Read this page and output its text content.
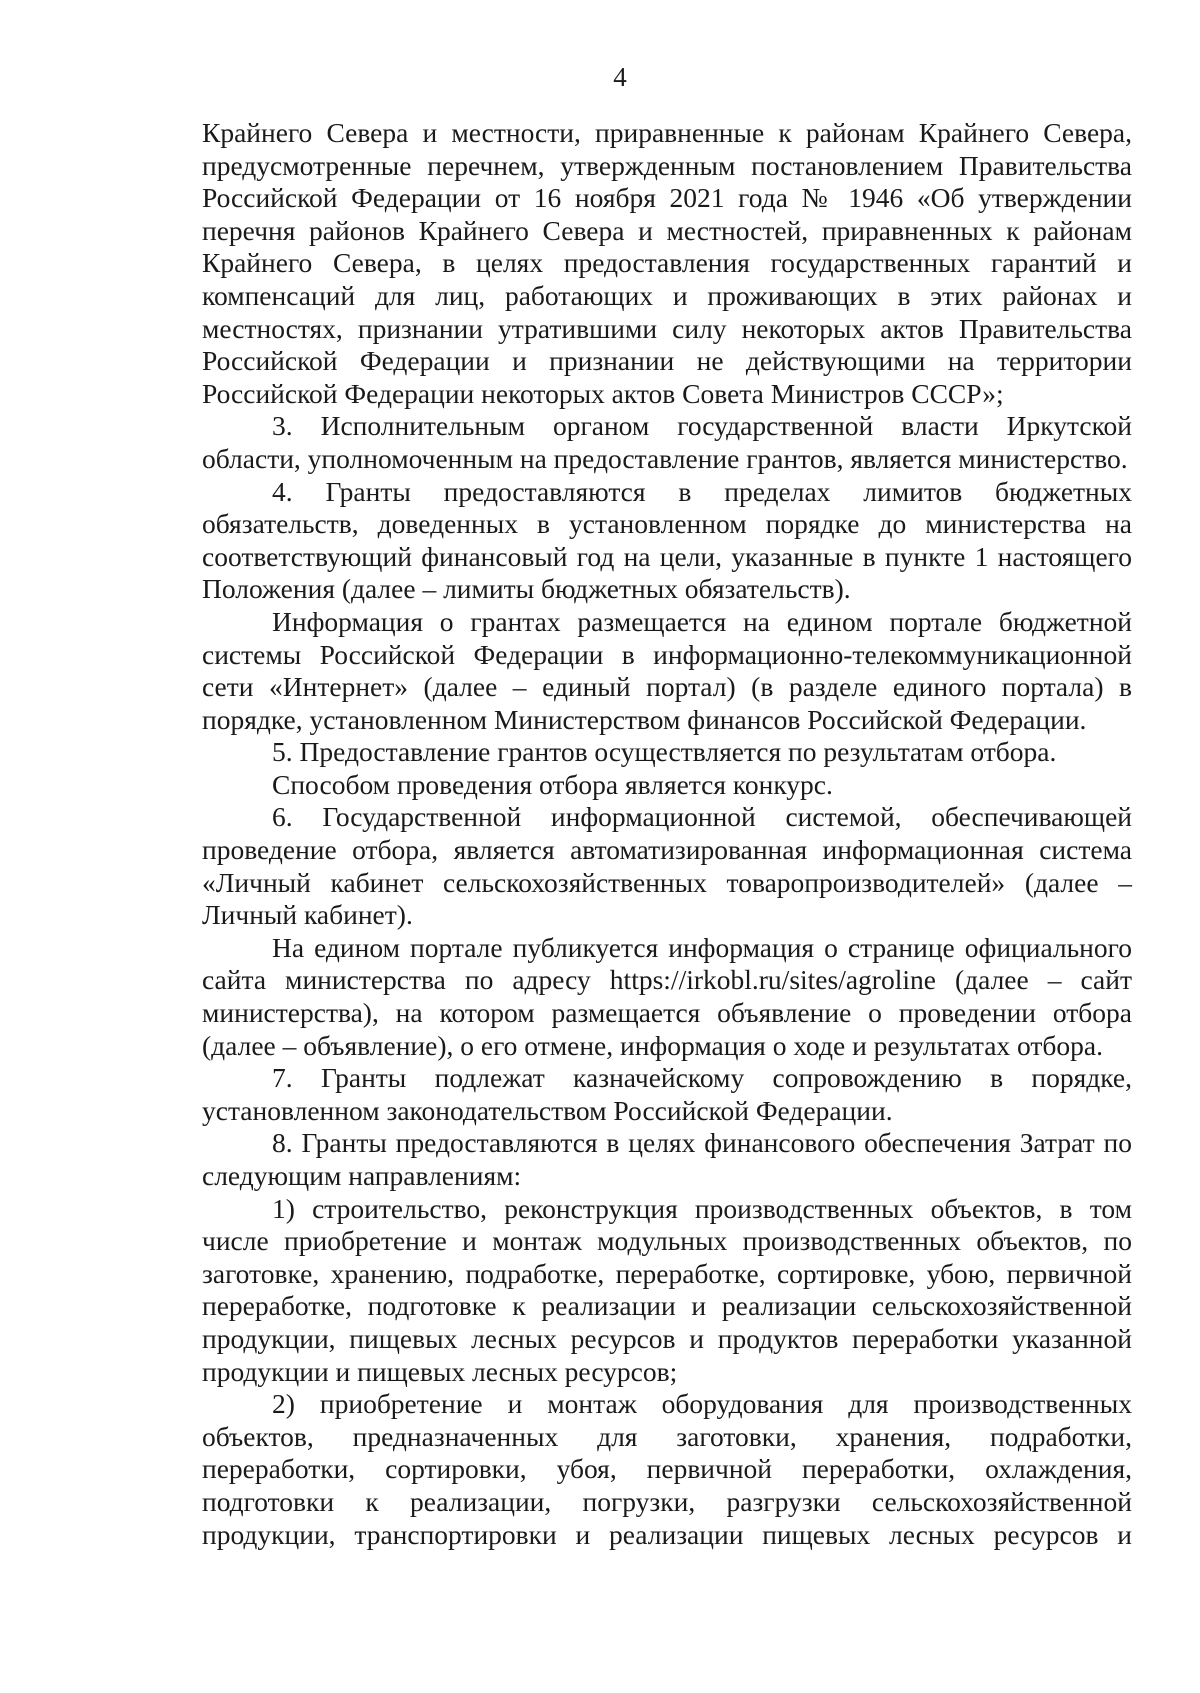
4

Крайнего Севера и местности, приравненные к районам Крайнего Севера, предусмотренные перечнем, утвержденным постановлением Правительства Российской Федерации от 16 ноября 2021 года № 1946 «Об утверждении перечня районов Крайнего Севера и местностей, приравненных к районам Крайнего Севера, в целях предоставления государственных гарантий и компенсаций для лиц, работающих и проживающих в этих районах и местностях, признании утратившими силу некоторых актов Правительства Российской Федерации и признании не действующими на территории Российской Федерации некоторых актов Совета Министров СССР»;

3. Исполнительным органом государственной власти Иркутской области, уполномоченным на предоставление грантов, является министерство.

4. Гранты предоставляются в пределах лимитов бюджетных обязательств, доведенных в установленном порядке до министерства на соответствующий финансовый год на цели, указанные в пункте 1 настоящего Положения (далее – лимиты бюджетных обязательств).

Информация о грантах размещается на едином портале бюджетной системы Российской Федерации в информационно-телекоммуникационной сети «Интернет» (далее – единый портал) (в разделе единого портала) в порядке, установленном Министерством финансов Российской Федерации.

5. Предоставление грантов осуществляется по результатам отбора.

Способом проведения отбора является конкурс.

6. Государственной информационной системой, обеспечивающей проведение отбора, является автоматизированная информационная система «Личный кабинет сельскохозяйственных товаропроизводителей» (далее – Личный кабинет).

На едином портале публикуется информация о странице официального сайта министерства по адресу https://irkobl.ru/sites/agroline (далее – сайт министерства), на котором размещается объявление о проведении отбора (далее – объявление), о его отмене, информация о ходе и результатах отбора.

7. Гранты подлежат казначейскому сопровождению в порядке, установленном законодательством Российской Федерации.

8. Гранты предоставляются в целях финансового обеспечения Затрат по следующим направлениям:

1) строительство, реконструкция производственных объектов, в том числе приобретение и монтаж модульных производственных объектов, по заготовке, хранению, подработке, переработке, сортировке, убою, первичной переработке, подготовке к реализации и реализации сельскохозяйственной продукции, пищевых лесных ресурсов и продуктов переработки указанной продукции и пищевых лесных ресурсов;

2) приобретение и монтаж оборудования для производственных объектов, предназначенных для заготовки, хранения, подработки, переработки, сортировки, убоя, первичной переработки, охлаждения, подготовки к реализации, погрузки, разгрузки сельскохозяйственной продукции, транспортировки и реализации пищевых лесных ресурсов и
